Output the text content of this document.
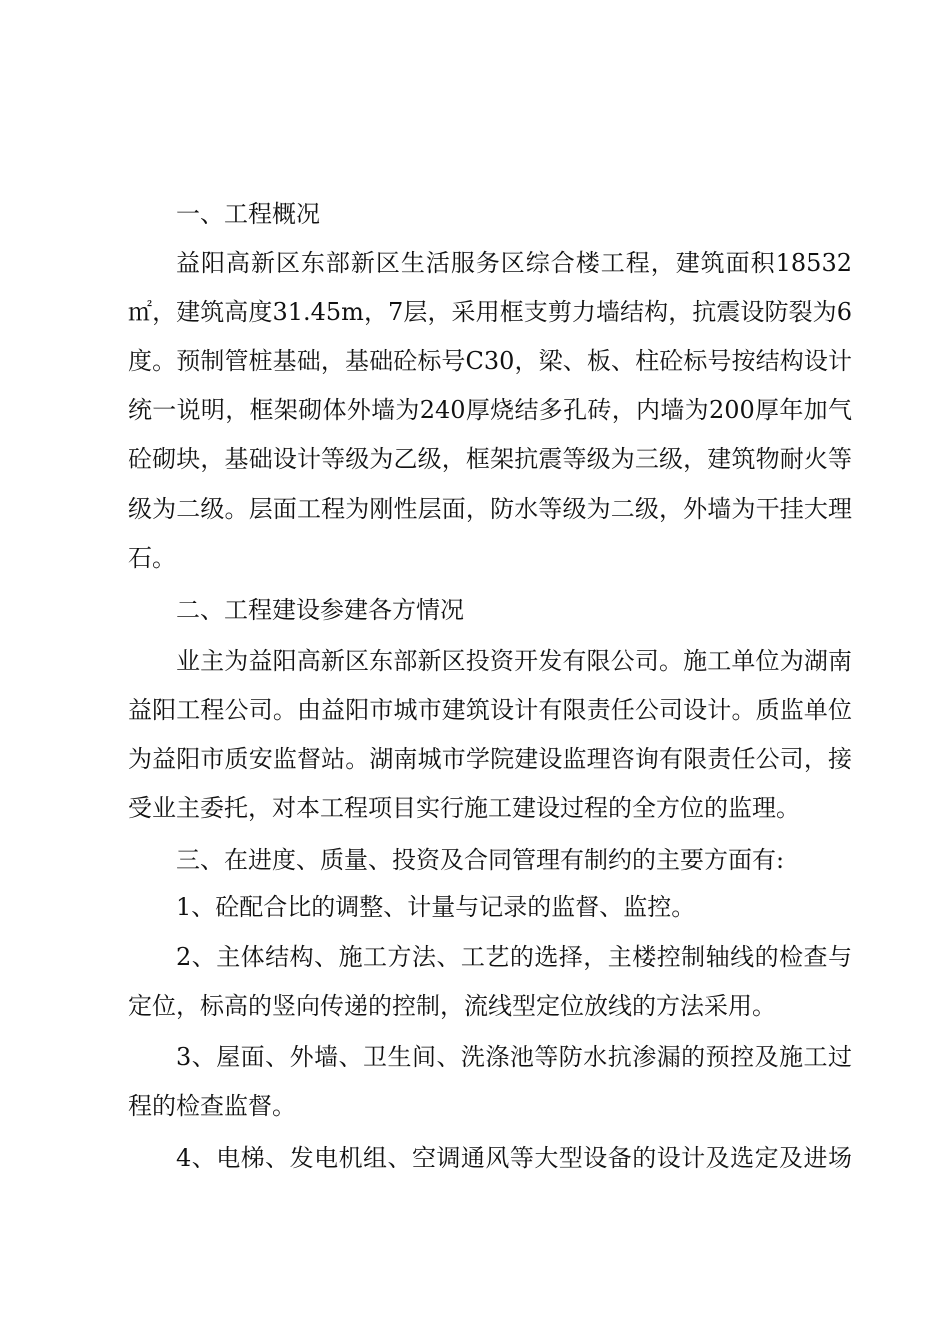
一、工程概况
益阳高新区东部新区生活服务区综合楼工程，建筑面积18532
㎡，建筑高度31.45m，7层，采用框支剪力墙结构，抗震设防裂为6
度。预制管桩基础，基础砼标号C30，梁、板、柱砼标号按结构设计
统一说明，框架砌体外墙为240厚烧结多孔砖，内墙为200厚年加气
砼砌块，基础设计等级为乙级，框架抗震等级为三级，建筑物耐火等
级为二级。层面工程为刚性层面，防水等级为二级，外墙为干挂大理
石。
二、工程建设参建各方情况
业主为益阳高新区东部新区投资开发有限公司。施工单位为湖南
益阳工程公司。由益阳市城市建筑设计有限责任公司设计。质监单位
为益阳市质安监督站。湖南城市学院建设监理咨询有限责任公司，接
受业主委托，对本工程项目实行施工建设过程的全方位的监理。
三、在进度、质量、投资及合同管理有制约的主要方面有:
1、砼配合比的调整、计量与记录的监督、监控。
2、主体结构、施工方法、工艺的选择，主楼控制轴线的检查与
定位，标高的竖向传递的控制，流线型定位放线的方法采用。
3、屋面、外墙、卫生间、洗涤池等防水抗渗漏的预控及施工过
程的检查监督。
4、电梯、发电机组、空调通风等大型设备的设计及选定及进场
